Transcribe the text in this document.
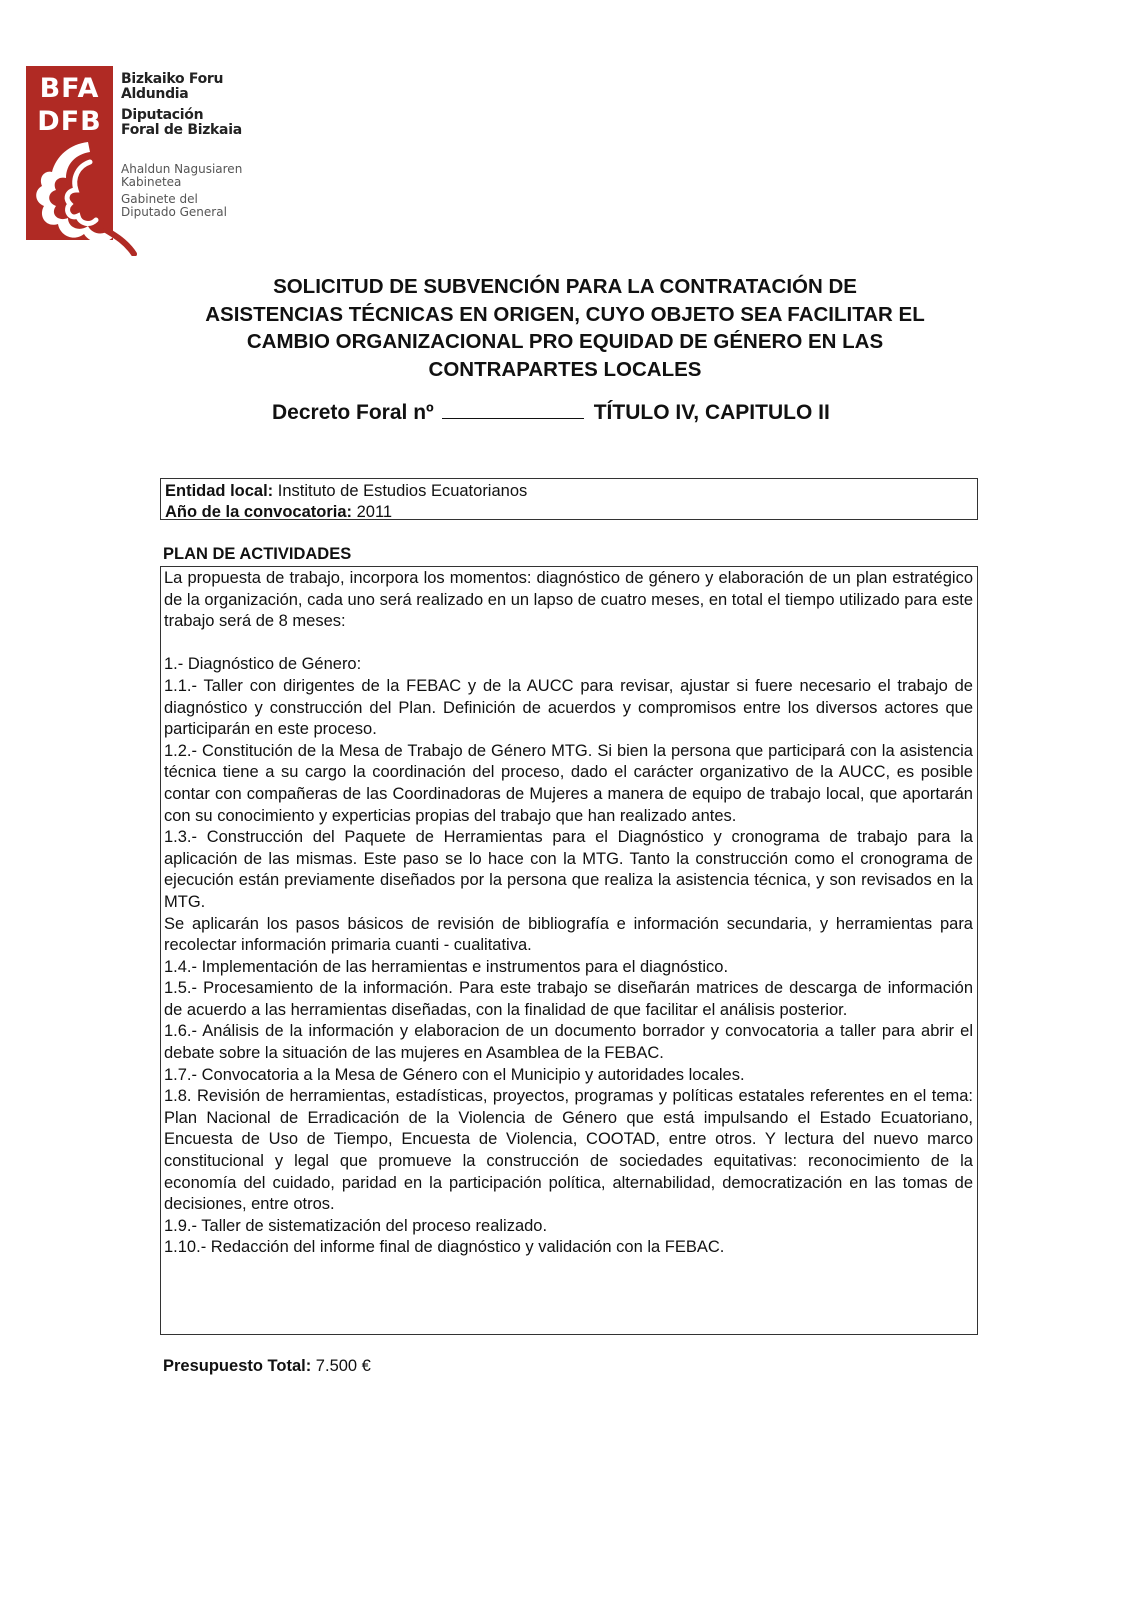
BFA
DFB
Bizkaiko Foru
Aldundia
Diputación
Foral de Bizkaia
Ahaldun Nagusiaren
Kabinetea
Gabinete del
Diputado General
SOLICITUD DE SUBVENCIÓN PARA LA CONTRATACIÓN DE
ASISTENCIAS TÉCNICAS EN ORIGEN, CUYO OBJETO SEA FACILITAR EL
CAMBIO ORGANIZACIONAL PRO EQUIDAD DE GÉNERO EN LAS
CONTRAPARTES LOCALES
Decreto Foral nº	TÍTULO IV, CAPITULO II
Entidad local: Instituto de Estudios Ecuatorianos
Año de la convocatoria: 2011
PLAN DE ACTIVIDADES

La propuesta de trabajo, incorpora los momentos: diagnóstico de género y elaboración de un plan estratégico de la organización, cada uno será realizado en un lapso de cuatro meses, en total el tiempo utilizado para este trabajo será de 8 meses:

1.- Diagnóstico de Género:

1.1.- Taller con dirigentes de la FEBAC y de la AUCC para revisar, ajustar si fuere necesario el trabajo de diagnóstico y construcción del Plan. Definición de acuerdos y compromisos entre los diversos actores que participarán en este proceso.

1.2.- Constitución de la Mesa de Trabajo de Género MTG. Si bien la persona que participará con la asistencia técnica tiene a su cargo la coordinación del proceso, dado el carácter organizativo de la AUCC, es posible contar con compañeras de las Coordinadoras de Mujeres a manera de equipo de trabajo local, que aportarán con su conocimiento y experticias propias del trabajo que han realizado antes.

1.3.- Construcción del Paquete de Herramientas para el Diagnóstico y cronograma de trabajo para la aplicación de las mismas. Este paso se lo hace con la MTG. Tanto la construcción como el cronograma de ejecución están previamente diseñados por la persona que realiza la asistencia técnica, y son revisados en la MTG.

Se aplicarán los pasos básicos de revisión de bibliografía e información secundaria, y herramientas para recolectar información primaria cuanti - cualitativa.

1.4.- Implementación de las herramientas e instrumentos para el diagnóstico.

1.5.- Procesamiento de la información. Para este trabajo se diseñarán matrices de descarga de información de acuerdo a las herramientas diseñadas, con la finalidad de que facilitar el análisis posterior.

1.6.- Análisis de la información y elaboracion de un documento borrador y convocatoria a taller para abrir el debate sobre la situación de las mujeres en Asamblea de la FEBAC.

1.7.- Convocatoria a la Mesa de Género con el Municipio y autoridades locales.

1.8. Revisión de herramientas, estadísticas, proyectos, programas y políticas estatales referentes en el tema: Plan Nacional de Erradicación de la Violencia de Género que está impulsando el Estado Ecuatoriano, Encuesta de Uso de Tiempo, Encuesta de Violencia, COOTAD, entre otros. Y lectura del nuevo marco constitucional y legal que promueve la construcción de sociedades equitativas: reconocimiento de la economía del cuidado, paridad en la participación política, alternabilidad, democratización en las tomas de decisiones, entre otros.

1.9.- Taller de sistematización del proceso realizado.

1.10.- Redacción del informe final de diagnóstico y validación con la FEBAC.

Presupuesto Total: 7.500 €
